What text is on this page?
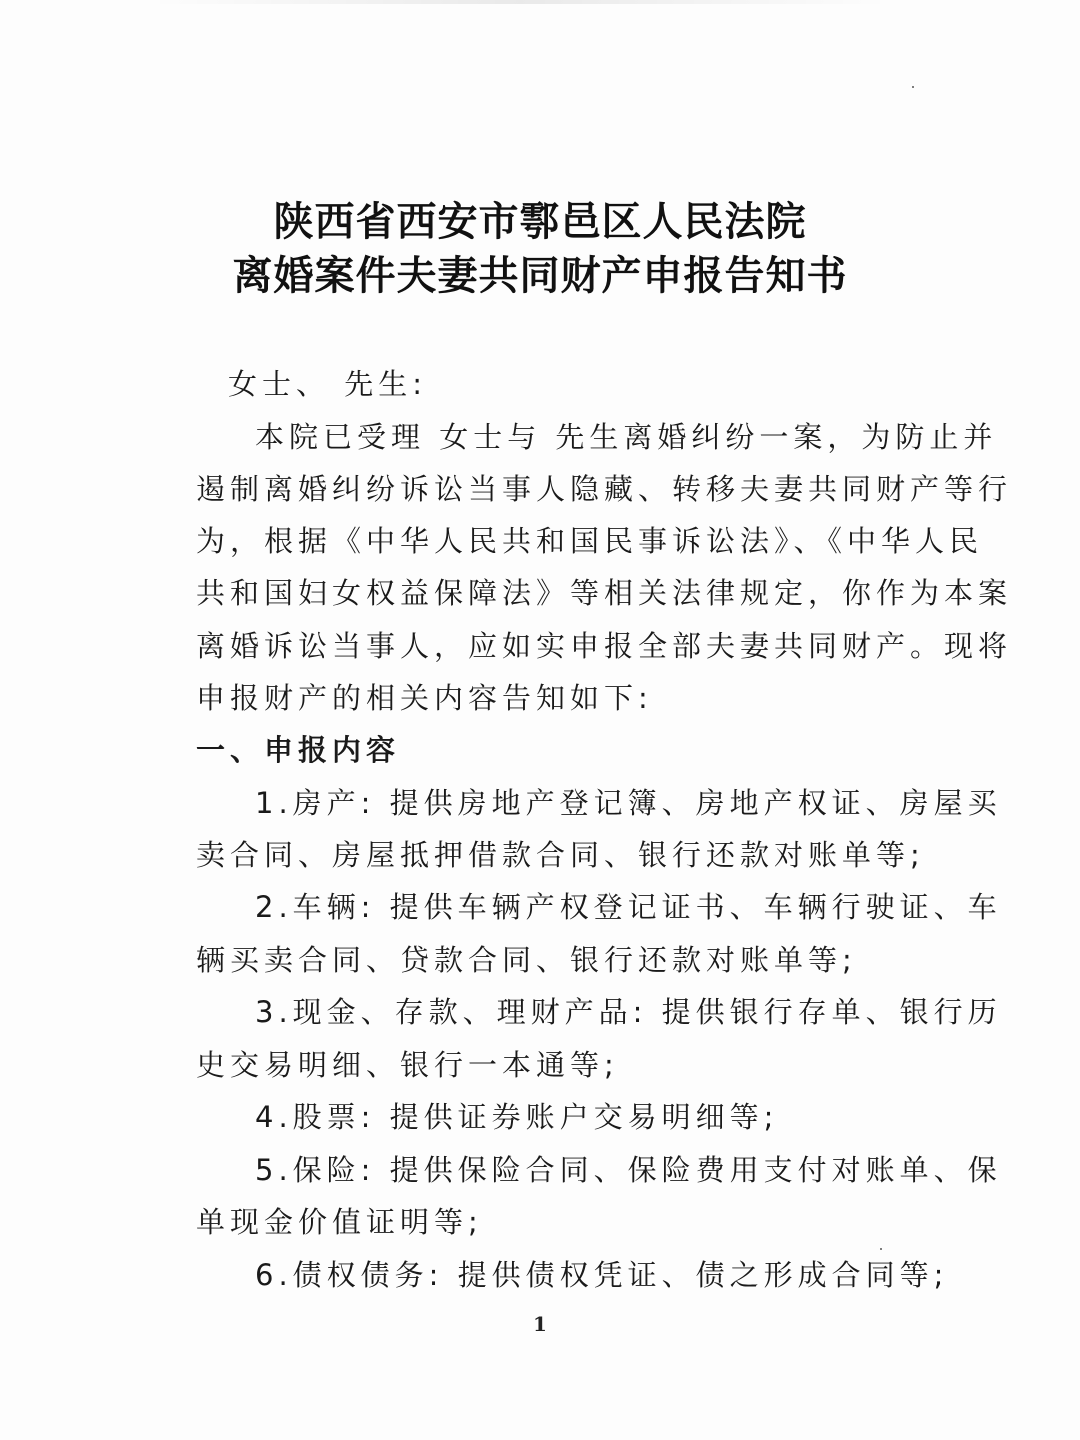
陕西省西安市鄠邑区人民法院
离婚案件夫妻共同财产申报告知书
女士、 先生:
本院已受理 女士与 先生离婚纠纷一案，为防止并
遏制离婚纠纷诉讼当事人隐藏、转移夫妻共同财产等行
为，根据《中华人民共和国民事诉讼法》、《中华人民
共和国妇女权益保障法》等相关法律规定，你作为本案
离婚诉讼当事人，应如实申报全部夫妻共同财产。现将
申报财产的相关内容告知如下:
一、申报内容
1.房产: 提供房地产登记簿、房地产权证、房屋买
卖合同、房屋抵押借款合同、银行还款对账单等;
2.车辆: 提供车辆产权登记证书、车辆行驶证、车
辆买卖合同、贷款合同、银行还款对账单等;
3.现金、存款、理财产品: 提供银行存单、银行历
史交易明细、银行一本通等;
4.股票: 提供证券账户交易明细等;
5.保险: 提供保险合同、保险费用支付对账单、保
单现金价值证明等;
6.债权债务: 提供债权凭证、债之形成合同等;
1
